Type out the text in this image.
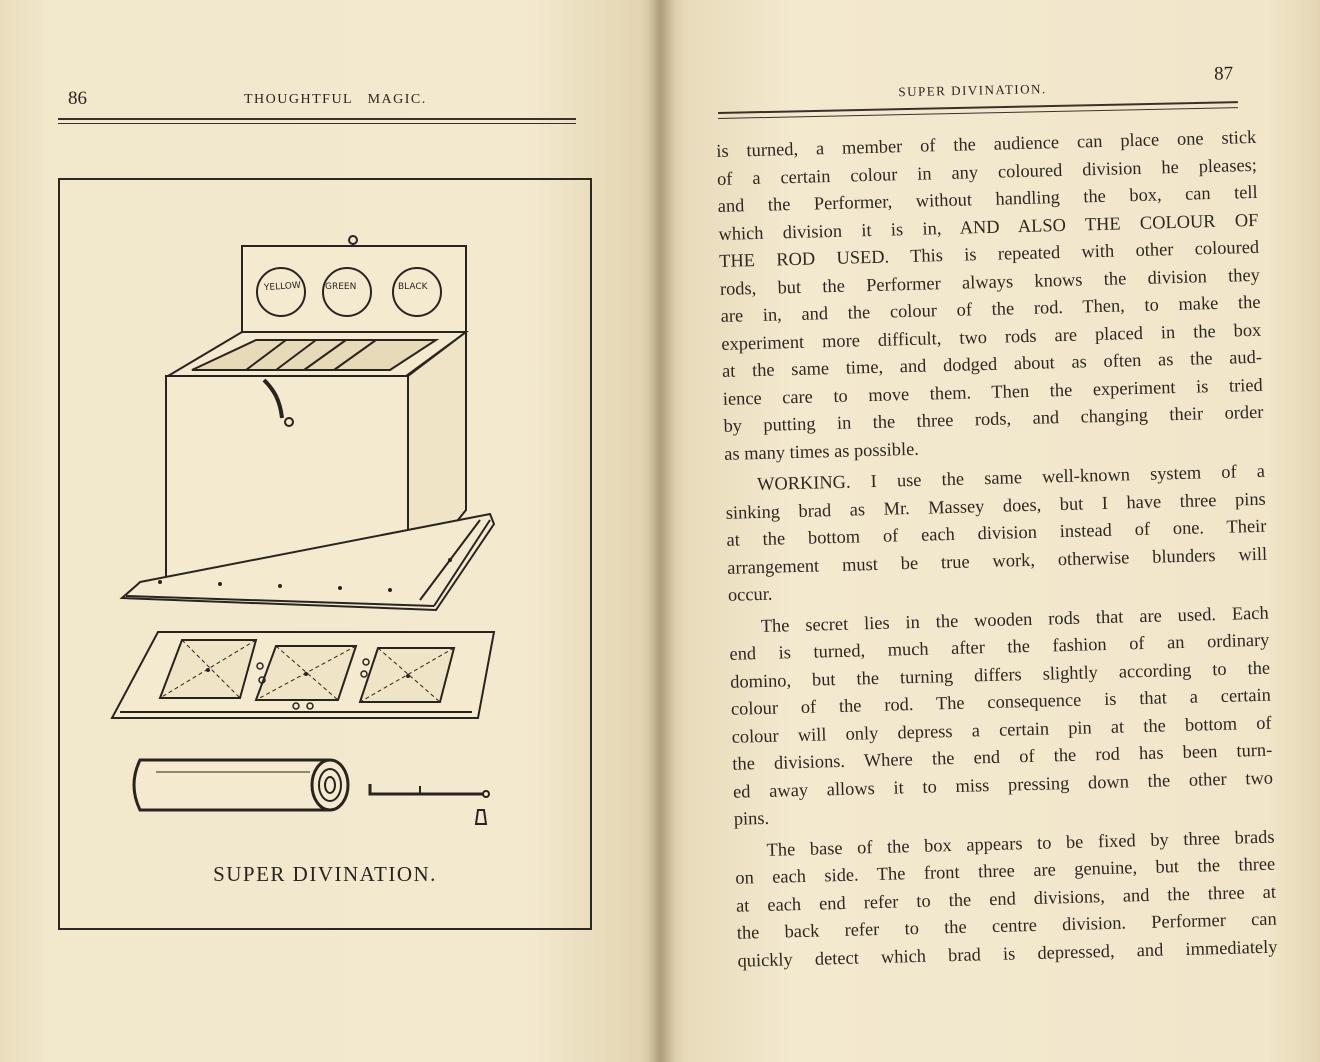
86	THOUGHTFUL   MAGIC.
SUPER DIVINATION.
YELLOW	GREEN	BLACK
SUPER DIVINATION.
87
is turned, a member of the audience can place one stick
of a certain colour in any coloured division he pleases;
and the Performer, without handling the box, can tell
which division it is in, AND ALSO THE COLOUR OF
THE ROD USED. This is repeated with other coloured
rods, but the Performer always knows the division they
are in, and the colour of the rod. Then, to make the
experiment more difficult, two rods are placed in the box
at the same time, and dodged about as often as the aud-
ience care to move them. Then the experiment is tried
by putting in the three rods, and changing their order
as many times as possible.
WORKING. I use the same well-known system of a
sinking brad as Mr. Massey does, but I have three pins
at the bottom of each division instead of one. Their
arrangement must be true work, otherwise blunders will
occur.
The secret lies in the wooden rods that are used. Each
end is turned, much after the fashion of an ordinary
domino, but the turning differs slightly according to the
colour of the rod. The consequence is that a certain
colour will only depress a certain pin at the bottom of
the divisions. Where the end of the rod has been turn-
ed away allows it to miss pressing down the other two
pins.
The base of the box appears to be fixed by three brads
on each side. The front three are genuine, but the three
at each end refer to the end divisions, and the three at
the back refer to the centre division. Performer can
quickly detect which brad is depressed, and immediately
